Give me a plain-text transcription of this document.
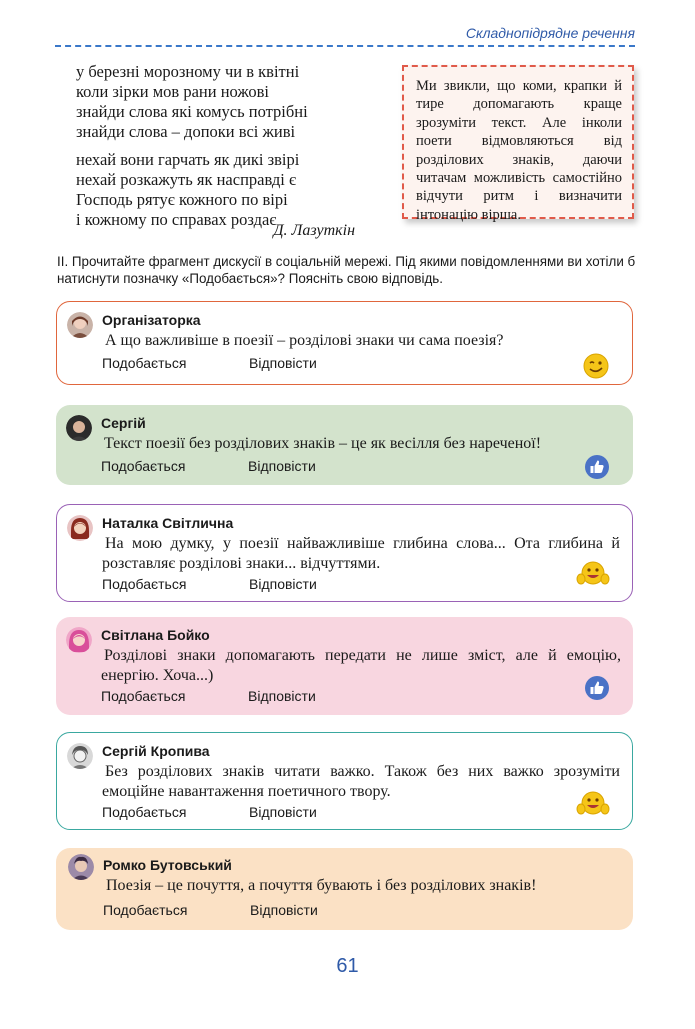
Складнопідрядне речення
у березні морозному чи в квітні
коли зірки мов рани ножові
знайди слова які комусь потрібні
знайди слова – допоки всі живі
нехай вони гарчать як дикі звірі
нехай розкажуть як насправді є
Господь рятує кожного по вірі
і кожному по справах роздає
Д. Лазуткін
Ми звикли, що коми, крапки й тире допомагають краще зрозуміти текст. Але інколи поети відмовляються від розділових знаків, даючи читачам можливість самостійно відчути ритм і визначити інтонацію вірша.
ІІ. Прочитайте фрагмент дискусії в соціальній мережі. Під якими повідомленнями ви хотіли б натиснути позначку «Подобається»? Поясніть свою відповідь.
Організаторка
А що важливіше в поезії – розділові знаки чи сама поезія?
Подобається	Відповісти
Сергій
Текст поезії без розділових знаків – це як весілля без нареченої!
Подобається	Відповісти
Наталка Світлична
На мою думку, у поезії найважливіше глибина слова... Ота глибина й розставляє розділові знаки... відчуттями.
Подобається	Відповісти
Світлана Бойко
Розділові знаки допомагають передати не лише зміст, але й емоцію, енергію. Хоча...)
Подобається	Відповісти
Сергій Кропива
Без розділових знаків читати важко. Також без них важко зрозуміти емоційне навантаження поетичного твору.
Подобається	Відповісти
Ромко Бутовський
Поезія – це почуття, а почуття бувають і без розділових знаків!
Подобається	Відповісти
61
